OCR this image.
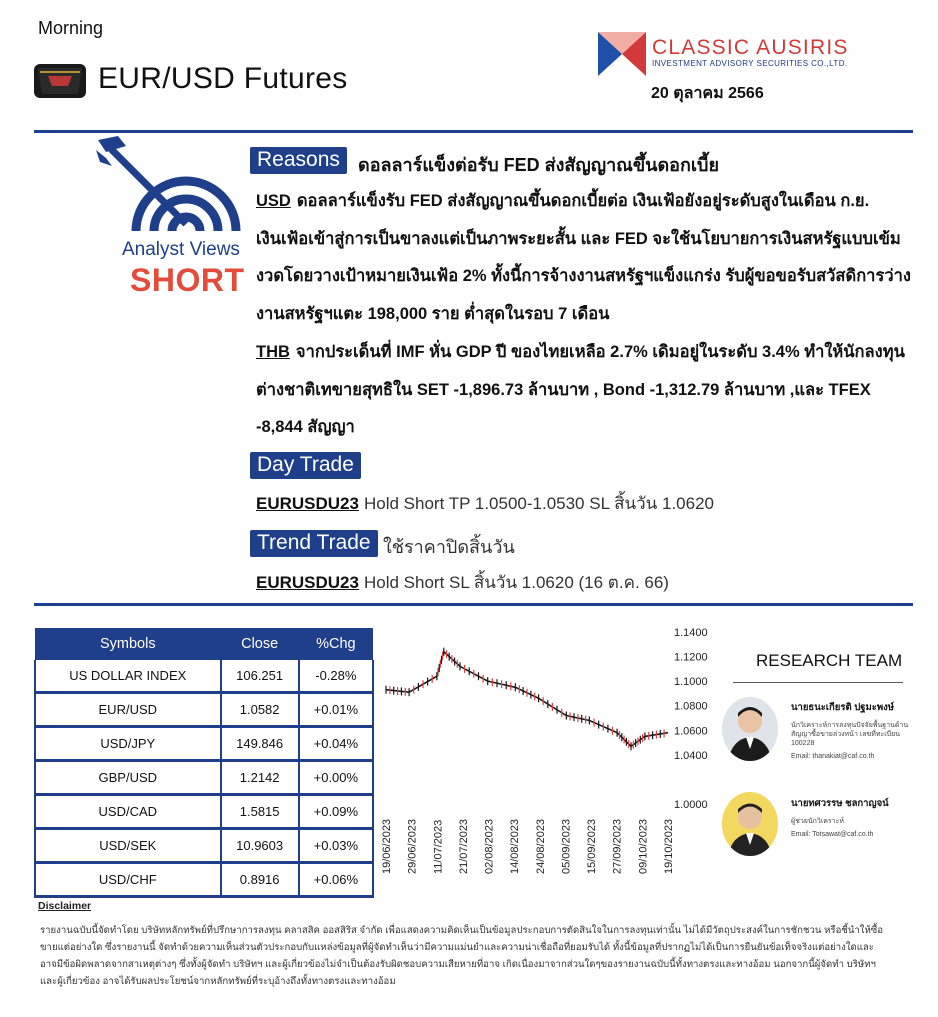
Morning
EUR/USD Futures
CLASSIC AUSIRIS
INVESTMENT ADVISORY SECURITIES CO.,LTD.
20 ตุลาคม 2566
Analyst Views
SHORT
Reasons	ดอลลาร์แข็งต่อรับ FED ส่งสัญญาณขึ้นดอกเบี้ย
USD ดอลลาร์แข็งรับ FED ส่งสัญญาณขึ้นดอกเบี้ยต่อ เงินเฟ้อยังอยู่ระดับสูงในเดือน ก.ย. เงินเฟ้อเข้าสู่การเป็นขาลงแต่เป็นภาพระยะสั้น และ FED จะใช้นโยบายการเงินสหรัฐแบบเข้มงวดโดยวางเป้าหมายเงินเฟ้อ 2% ทั้งนี้การจ้างงานสหรัฐฯแข็งแกร่ง รับผู้ขอขอรับสวัสดิการว่างงานสหรัฐฯแตะ 198,000 ราย ต่ำสุดในรอบ 7 เดือน
THB จากประเด็นที่ IMF หั่น GDP ปี ของไทยเหลือ 2.7% เดิมอยู่ในระดับ 3.4% ทำให้นักลงทุนต่างชาติเทขายสุทธิใน SET -1,896.73 ล้านบาท , Bond -1,312.79 ล้านบาท ,และ TFEX -8,844 สัญญา
Day Trade
EURUSDU23 Hold Short TP 1.0500-1.0530 SL สิ้นวัน 1.0620
Trend Trade ใช้ราคาปิดสิ้นวัน
EURUSDU23 Hold Short SL สิ้นวัน 1.0620 (16 ต.ค. 66)
Symbols	Close	%Chg
US DOLLAR INDEX	106.251	-0.28%
EUR/USD	1.0582	+0.01%
USD/JPY	149.846	+0.04%
GBP/USD	1.2142	+0.00%
USD/CAD	1.5815	+0.09%
USD/SEK	10.9603	+0.03%
USD/CHF	0.8916	+0.06%
1.1400
1.1200
1.1000
1.0800
1.0600
1.0400
1.0000
19/06/2023 29/06/2023 11/07/2023 21/07/2023 02/08/2023 14/08/2023 24/08/2023 05/09/2023 15/09/2023 27/09/2023 09/10/2023 19/10/2023
RESEARCH TEAM
นายธนะเกียรติ ปฐมะพงษ์
นักวิเคราะห์การลงทุนปัจจัยพื้นฐานด้านสัญญาซื้อขายล่วงหน้า เลขที่ทะเบียน 100228
Email: thanakiat@caf.co.th
นายทศวรรษ ชลกาญจน์
ผู้ช่วยนักวิเคราะห์
Email: Totsawat@caf.co.th
Disclaimer
รายงานฉบับนี้จัดทำโดย บริษัทหลักทรัพย์ที่ปรึกษาการลงทุน คลาสสิค ออสสิริส จำกัด เพื่อแสดงความคิดเห็นเป็นข้อมูลประกอบการตัดสินใจในการลงทุนเท่านั้น ไม่ได้มีวัตถุประสงค์ในการชักชวน หรือชี้นำให้ซื้อขายแต่อย่างใด ซึ่งรายงานนี้ จัดทำด้วยความเห็นส่วนตัวประกอบกับแหล่งข้อมูลที่ผู้จัดทำเห็นว่ามีความแม่นยำและความน่าเชื่อถือที่ยอมรับได้ ทั้งนี้ข้อมูลที่ปรากฏไม่ได้เป็นการยืนยันข้อเท็จจริงแต่อย่างใดและอาจมีข้อผิดพลาดจากสาเหตุต่างๆ ซึ่งทั้งผู้จัดทำ บริษัทฯ และผู้เกี่ยวข้องไม่จำเป็นต้องรับผิดชอบความเสียหายที่อาจ เกิดเนื่องมาจากส่วนใดๆของรายงานฉบับนี้ทั้งทางตรงและทางอ้อม นอกจากนี้ผู้จัดทำ บริษัทฯ และผู้เกี่ยวข้อง อาจได้รับผลประโยชน์จากหลักทรัพย์ที่ระบุอ้างถึงทั้งทางตรงและทางอ้อม
